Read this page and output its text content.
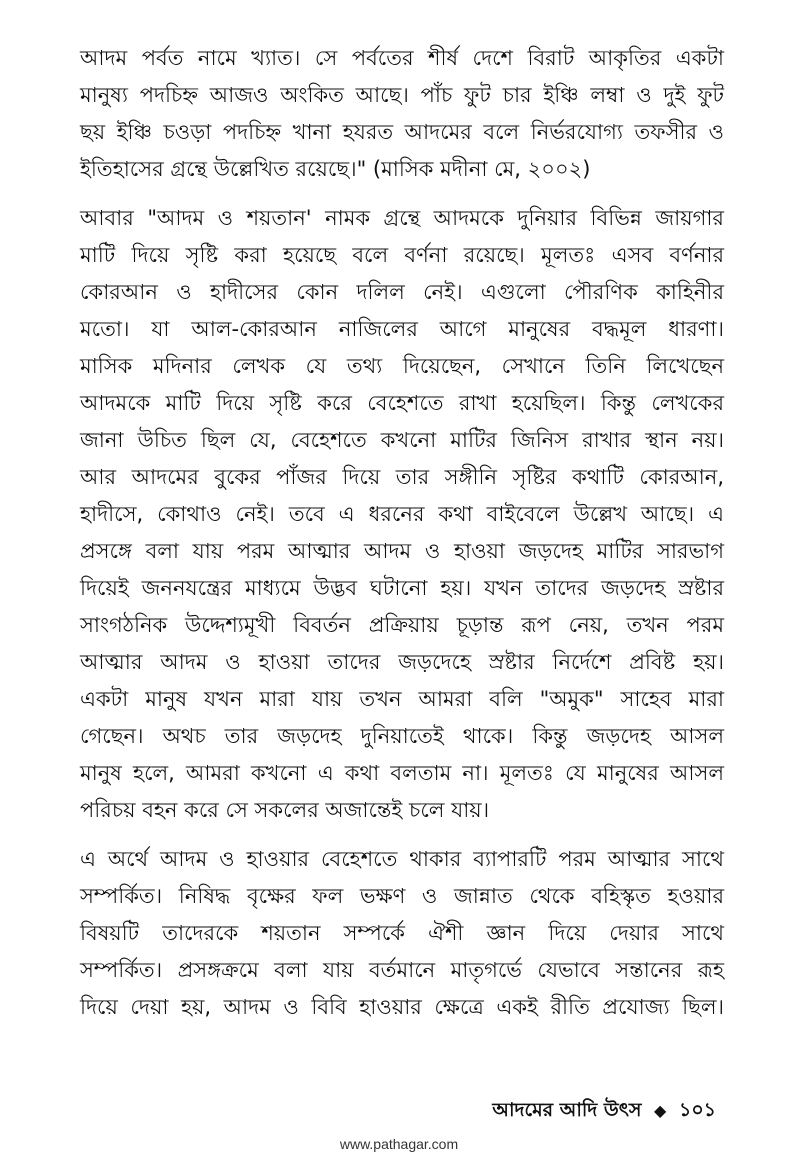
আদম পর্বত নামে খ্যাত। সে পর্বতের শীর্ষ দেশে বিরাট আকৃতির একটা
মানুষ্য পদচিহ্ন আজও অংকিত আছে। পাঁচ ফুট চার ইঞ্চি লম্বা ও দুই ফুট
ছয় ইঞ্চি চওড়া পদচিহ্ন খানা হযরত আদমের বলে নির্ভরযোগ্য তফসীর ও
ইতিহাসের গ্রন্থে উল্লেখিত রয়েছে।" (মাসিক মদীনা মে, ২০০২)
আবার "আদম ও শয়তান' নামক গ্রন্থে আদমকে দুনিয়ার বিভিন্ন জায়গার
মাটি দিয়ে সৃষ্টি করা হয়েছে বলে বর্ণনা রয়েছে। মূলতঃ এসব বর্ণনার
কোরআন ও হাদীসের কোন দলিল নেই। এগুলো পৌরণিক কাহিনীর
মতো। যা আল-কোরআন নাজিলের আগে মানুষের বদ্ধমূল ধারণা।
মাসিক মদিনার লেখক যে তথ্য দিয়েছেন, সেখানে তিনি লিখেছেন
আদমকে মাটি দিয়ে সৃষ্টি করে বেহেশতে রাখা হয়েছিল। কিন্তু লেখকের
জানা উচিত ছিল যে, বেহেশতে কখনো মাটির জিনিস রাখার স্থান নয়।
আর আদমের বুকের পাঁজর দিয়ে তার সঙ্গীনি সৃষ্টির কথাটি কোরআন,
হাদীসে, কোথাও নেই। তবে এ ধরনের কথা বাইবেলে উল্লেখ আছে। এ
প্রসঙ্গে বলা যায় পরম আত্মার আদম ও হাওয়া জড়দেহ মাটির সারভাগ
দিয়েই জননযন্ত্রের মাধ্যমে উদ্ভব ঘটানো হয়। যখন তাদের জড়দেহ স্রষ্টার
সাংগঠনিক উদ্দেশ্যমূখী বিবর্তন প্রক্রিয়ায় চূড়ান্ত রূপ নেয়, তখন পরম
আত্মার আদম ও হাওয়া তাদের জড়দেহে স্রষ্টার নির্দেশে প্রবিষ্ট হয়।
একটা মানুষ যখন মারা যায় তখন আমরা বলি "অমুক" সাহেব মারা
গেছেন। অথচ তার জড়দেহ দুনিয়াতেই থাকে। কিন্তু জড়দেহ আসল
মানুষ হলে, আমরা কখনো এ কথা বলতাম না। মূলতঃ যে মানুষের আসল
পরিচয় বহন করে সে সকলের অজান্তেই চলে যায়।
এ অর্থে আদম ও হাওয়ার বেহেশতে থাকার ব্যাপারটি পরম আত্মার সাথে
সম্পর্কিত। নিষিদ্ধ বৃক্ষের ফল ভক্ষণ ও জান্নাত থেকে বহিস্কৃত হওয়ার
বিষয়টি তাদেরকে শয়তান সম্পর্কে ঐশী জ্ঞান দিয়ে দেয়ার সাথে
সম্পর্কিত। প্রসঙ্গক্রমে বলা যায় বর্তমানে মাতৃগর্ভে যেভাবে সন্তানের রূহ
দিয়ে দেয়া হয়, আদম ও বিবি হাওয়ার ক্ষেত্রে একই রীতি প্রযোজ্য ছিল।
আদমের আদি উৎস ◆ ১০১
www.pathagar.com
